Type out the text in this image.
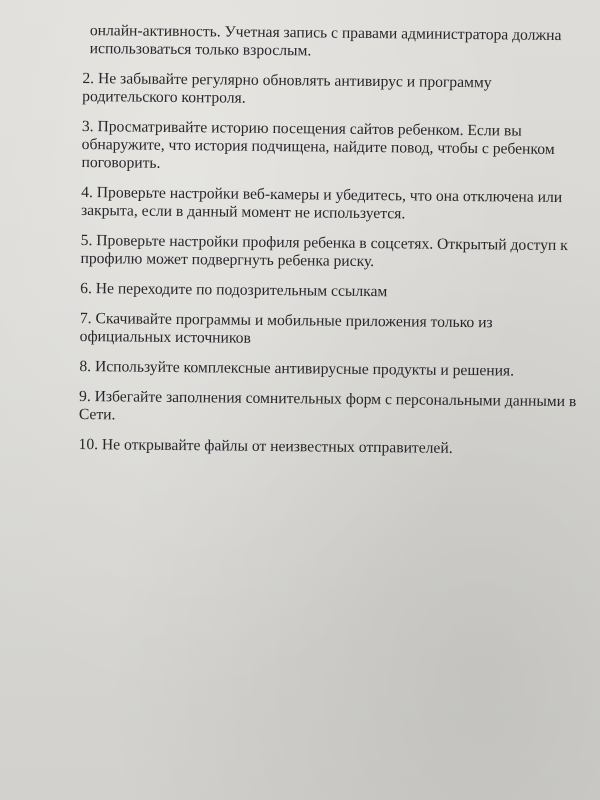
онлайн-активность. Учетная запись с правами администратора должна использоваться только взрослым.

2. Не забывайте регулярно обновлять антивирус и программу родительского контроля.

3. Просматривайте историю посещения сайтов ребенком. Если вы обнаружите, что история подчищена, найдите повод, чтобы с ребенком поговорить.

4. Проверьте настройки веб-камеры и убедитесь, что она отключена или закрыта, если в данный момент не используется.

5. Проверьте настройки профиля ребенка в соцсетях. Открытый доступ к профилю может подвергнуть ребенка риску.

6. Не переходите по подозрительным ссылкам

7. Скачивайте программы и мобильные приложения только из официальных источников

8. Используйте комплексные антивирусные продукты и решения.

9. Избегайте заполнения сомнительных форм с персональными данными в Сети.

10. Не открывайте файлы от неизвестных отправителей.
